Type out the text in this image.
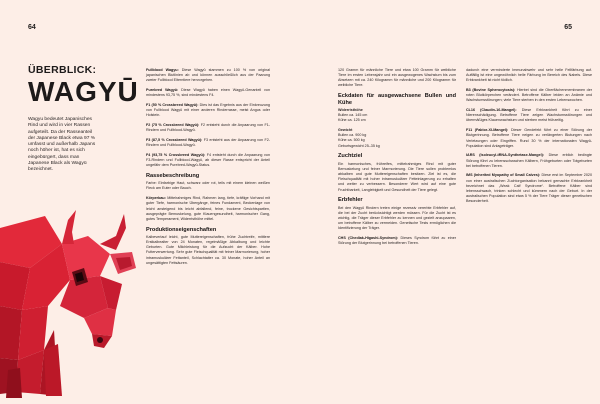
64
ÜBERBLICK:
WAGYŪ

Wagyu bedeutet Japanisches Rind und wird in vier Rassen aufgeteilt. Da der Rasseanteil der Japanese Black etwa 97 % umfasst und außerhalb Japans noch höher ist, hat es sich eingebürgert, dass man Japanese Black als Wagyū bezeichnet.

Fullblood Wagyu: Diese Wagyū stammen zu 100 % von original japanischen Blutlinien ab und können ausschließlich aus der Paarung zweier Fullblood Elterntiere hervorgehen.

Purebred Wagyū: Diese Wagyū haben einen Wagyū-Genanteil von mindestens 93,75 %, sind mindestens F4.

F1 (50 % Crossbreed Wagyū): Dies ist das Ergebnis aus der Einkreuzung von Fullblood Wagyū mit einer anderen Rinderrasse, meist Angus oder Holstein.

F2 (75 % Crossbreed Wagyū): F2 entsteht durch die Anpaarung von F1-Rindern und Fullblood-Wagyū.

F3 (87,5 % Crossbreed Wagyū): F3 entsteht aus der Anpaarung von F2-Rindern und Fullblood-Wagyū.

F4 (93,75 % Crossbreed Wagyū): F4 entsteht durch die Anpaarung von F3-Rindern und Fullblood-Wagyū, ab dieser Rasse entspricht der Anteil ungefähr dem Purebred-Wagyū-Status.

Rassebeschreibung

Farbe: Einfarbige Haut, schwarz oder rot, teils mit einem kleinen weißen Fleck am Euter oder Bauch.

Körperbau: Mittelrahmiges Rind, Rahmen lang, tiefe, kräftige Vorhand mit guter Tiefe, harmonische Übergänge, feines Fundament, Beckenlage von leicht ansteigend bis leicht abfallend, feine, trockene Gesichtspartien, ausgeprägte Bemuskelung, gute Klauengesundheit, harmonischer Gang, gutes Temperament, Widerristhöhe mittel.

Produktionseigenschaften

Kalbeverlauf leicht, gute Muttereigenschaften, frühe Zuchtreife, mittlere Erstkalbealter von 24 Monaten, regelmäßige Abkalbung und leichte Geburten. Gute Milchleistung für die Aufzucht der Kälber. Hohe Futterverwertung. Sehr gute Fleischqualität mit feiner Marmorierung, hoher intramuskulärer Fettanteil, Schlachtalter ca. 30 Monate, hoher Anteil an ungesättigten Fettsäuren.

65

120 Gramm für männliche Tiere und etwa 100 Gramm für weibliche Tiere im ersten Lebensjahr und ein ausgewogenes Wachstum bis zum Absetzen mit ca. 240 Kilogramm für männliche und 200 Kilogramm für weibliche Tiere.

Eckdaten für ausgewachsene Bullen und Kühe

Widerristhöhe
Bullen ca. 145 cm
Kühe ca. 125 cm

Gewicht
Bullen ca. 900 kg
Kühe ca. 500 kg
Geburtsgewicht 25–35 kg

Zuchtziel

Ein harmonisches, frühreifes, mittelrahmiges Rind mit guter Bemuskelung und feiner Marmorierung. Die Tiere sollen problemlos abkalben und gute Muttereigenschaften besitzen. Ziel ist es, die Fleischqualität mit hoher intramuskulärer Fetteinlagerung zu erhalten und weiter zu verbessern. Besonderer Wert wird auf eine gute Fruchtbarkeit, Langlebigkeit und Gesundheit der Tiere gelegt.

Erbfehler

Bei den Wagyū Rindern treten einige rezessiv vererbte Erbfehler auf, die bei der Zucht berücksichtigt werden müssen. Für die Zucht ist es wichtig, die Träger dieser Erbfehler zu kennen und gezielt anzupaaren, um betroffene Kälber zu vermeiden. Genetische Tests ermöglichen die Identifizierung der Träger.

CHS (Chediak-Higashi-Syndrom): Dieses Syndrom führt zu einer Störung der Blutgerinnung bei betroffenen Tieren.

dadurch eine verminderte Immunabwehr und sehr helle Fellfärbung auf. Auffällig ist eine ungewöhnlich helle Färbung im Bereich des Nabels. Diese Erbkrankheit ist nicht tödlich.

B3 (Bovine Spherocytosis): Hierbei sind die Oberflächenmembranen der roten Blutkörperchen verändert. Betroffene Kälber leiden an Anämie und Wachstumsstörungen; viele Tiere sterben in den ersten Lebenswochen.

CL16 (Claudin-16-Mangel): Diese Erbkrankheit führt zu einer Nierenschädigung. Betroffene Tiere zeigen Wachstumsstörungen und übermäßiges Klauenwachstum und sterben meist frühzeitig.

F11 (Faktor-XI-Mangel): Dieser Gendefekt führt zu einer Störung der Blutgerinnung. Betroffene Tiere neigen zu verlängerten Blutungen nach Verletzungen oder Eingriffen. Rund 30 % der internationalen Wagyū-Population sind Anlageträger.

IARS (Isoleucyl-tRNA-Synthetase-Mangel): Diese erblich bedingte Störung führt zu lebensschwachen Kälbern, Frühgeburten oder Totgeburten bei betroffenen Tieren.

IMS (Inherited Myopathy of Small Calves): Diese erst im September 2020 von einer australischen Zuchtorganisation bekannt gemachte Erbkrankheit bezeichnet das „Weak Calf Syndrome“. Betroffene Kälber sind lebensschwach, trinken schlecht und kümmern nach der Geburt. In der australischen Population sind etwa 5 % der Tiere Träger dieser genetischen Besonderheit.
